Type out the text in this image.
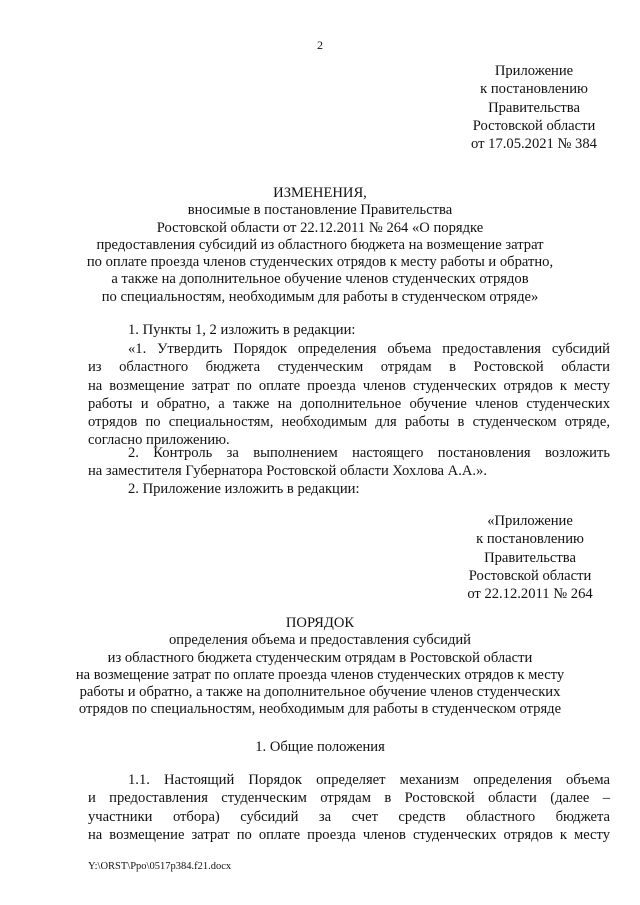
2
Приложение
к постановлению
Правительства
Ростовской области
от 17.05.2021 № 384
ИЗМЕНЕНИЯ,
вносимые в постановление Правительства
Ростовской области от 22.12.2011 № 264 «О порядке
предоставления субсидий из областного бюджета на возмещение затрат
по оплате проезда членов студенческих отрядов к месту работы и обратно,
а также на дополнительное обучение членов студенческих отрядов
по специальностям, необходимым для работы в студенческом отряде»
1. Пункты 1, 2 изложить в редакции:
«1. Утвердить Порядок определения объема предоставления субсидий
из областного бюджета студенческим отрядам в Ростовской области
на возмещение затрат по оплате проезда членов студенческих отрядов к месту
работы и обратно, а также на дополнительное обучение членов студенческих
отрядов по специальностям, необходимым для работы в студенческом отряде,
согласно приложению.
2. Контроль за выполнением настоящего постановления возложить
на заместителя Губернатора Ростовской области Хохлова А.А.».
2. Приложение изложить в редакции:
«Приложение
к постановлению
Правительства
Ростовской области
от 22.12.2011 № 264
ПОРЯДОК
определения объема и предоставления субсидий
из областного бюджета студенческим отрядам в Ростовской области
на возмещение затрат по оплате проезда членов студенческих отрядов к месту
работы и обратно, а также на дополнительное обучение членов студенческих
отрядов по специальностям, необходимым для работы в студенческом отряде
1. Общие положения
1.1. Настоящий Порядок определяет механизм определения объема
и предоставления студенческим отрядам в Ростовской области (далее –
участники отбора) субсидий за счет средств областного бюджета
на возмещение затрат по оплате проезда членов студенческих отрядов к месту
Y:\ORST\Ppo\0517p384.f21.docx
